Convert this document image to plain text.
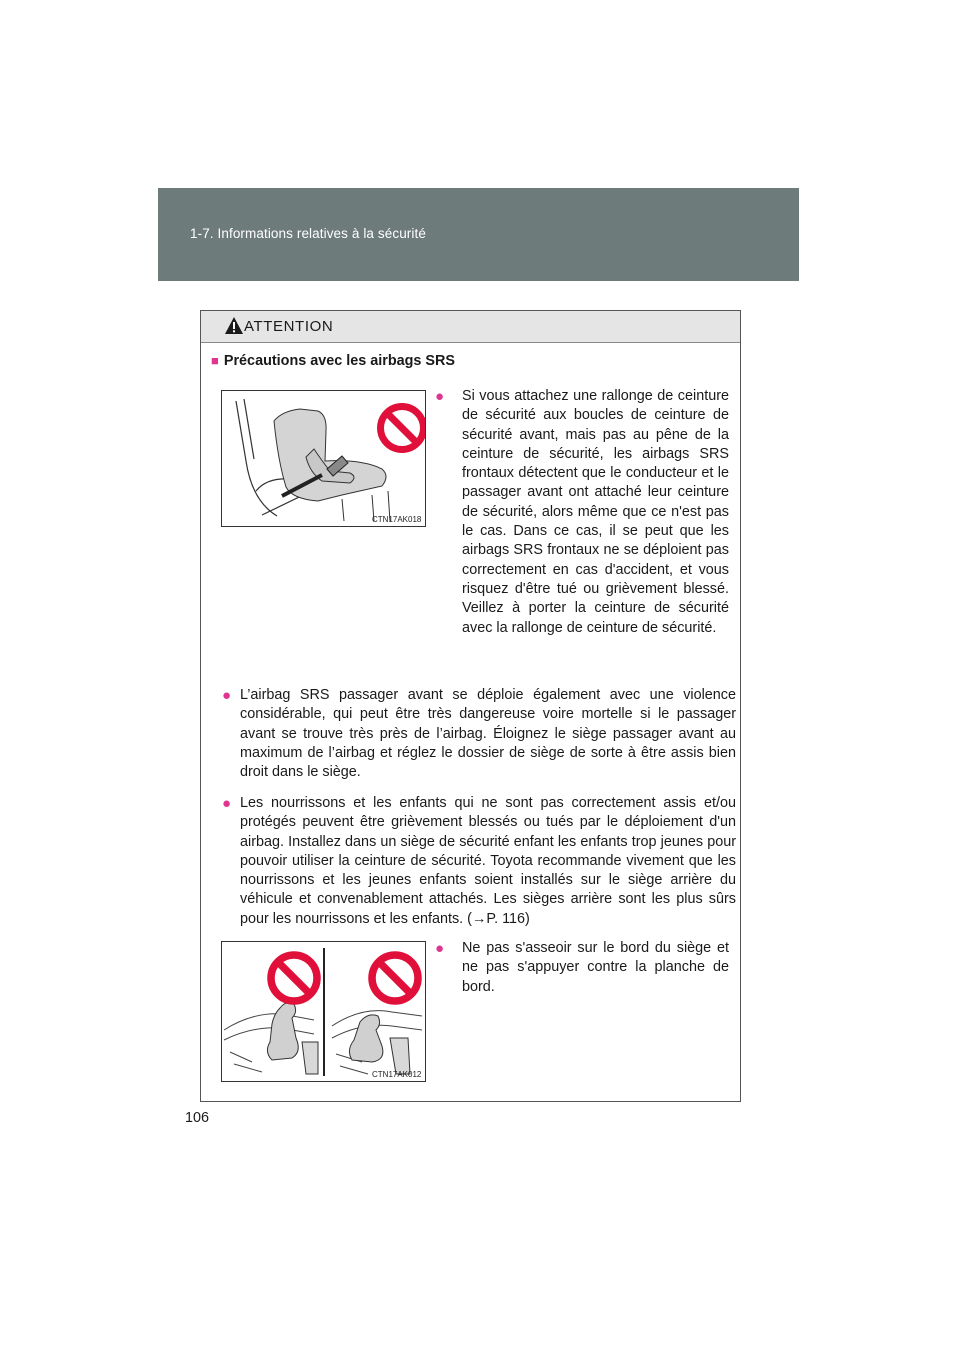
1-7. Informations relatives à la sécurité
ATTENTION
■ Précautions avec les airbags SRS
CTN17AK018
●	Si vous attachez une rallonge de ceinture de sécurité aux boucles de ceinture de sécurité avant, mais pas au pêne de la ceinture de sécurité, les airbags SRS frontaux détectent que le conducteur et le passager avant ont attaché leur ceinture de sécurité, alors même que ce n'est pas le cas. Dans ce cas, il se peut que les airbags SRS frontaux ne se déploient pas correctement en cas d'accident, et vous risquez d'être tué ou grièvement blessé. Veillez à porter la ceinture de sécurité avec la rallonge de ceinture de sécurité.
● L’airbag SRS passager avant se déploie également avec une violence considérable, qui peut être très dangereuse voire mortelle si le passager avant se trouve très près de l’airbag. Éloignez le siège passager avant au maximum de l’airbag et réglez le dossier de siège de sorte à être assis bien droit dans le siège.
● Les nourrissons et les enfants qui ne sont pas correctement assis et/ou protégés peuvent être grièvement blessés ou tués par le déploiement d'un airbag. Installez dans un siège de sécurité enfant les enfants trop jeunes pour pouvoir utiliser la ceinture de sécurité. Toyota recommande vivement que les nourrissons et les jeunes enfants soient installés sur le siège arrière du véhicule et convenablement attachés. Les sièges arrière sont les plus sûrs pour les nourrissons et les enfants. (→P. 116)
CTN17AK012
●	Ne pas s'asseoir sur le bord du siège et ne pas s'appuyer contre la planche de bord.
106
